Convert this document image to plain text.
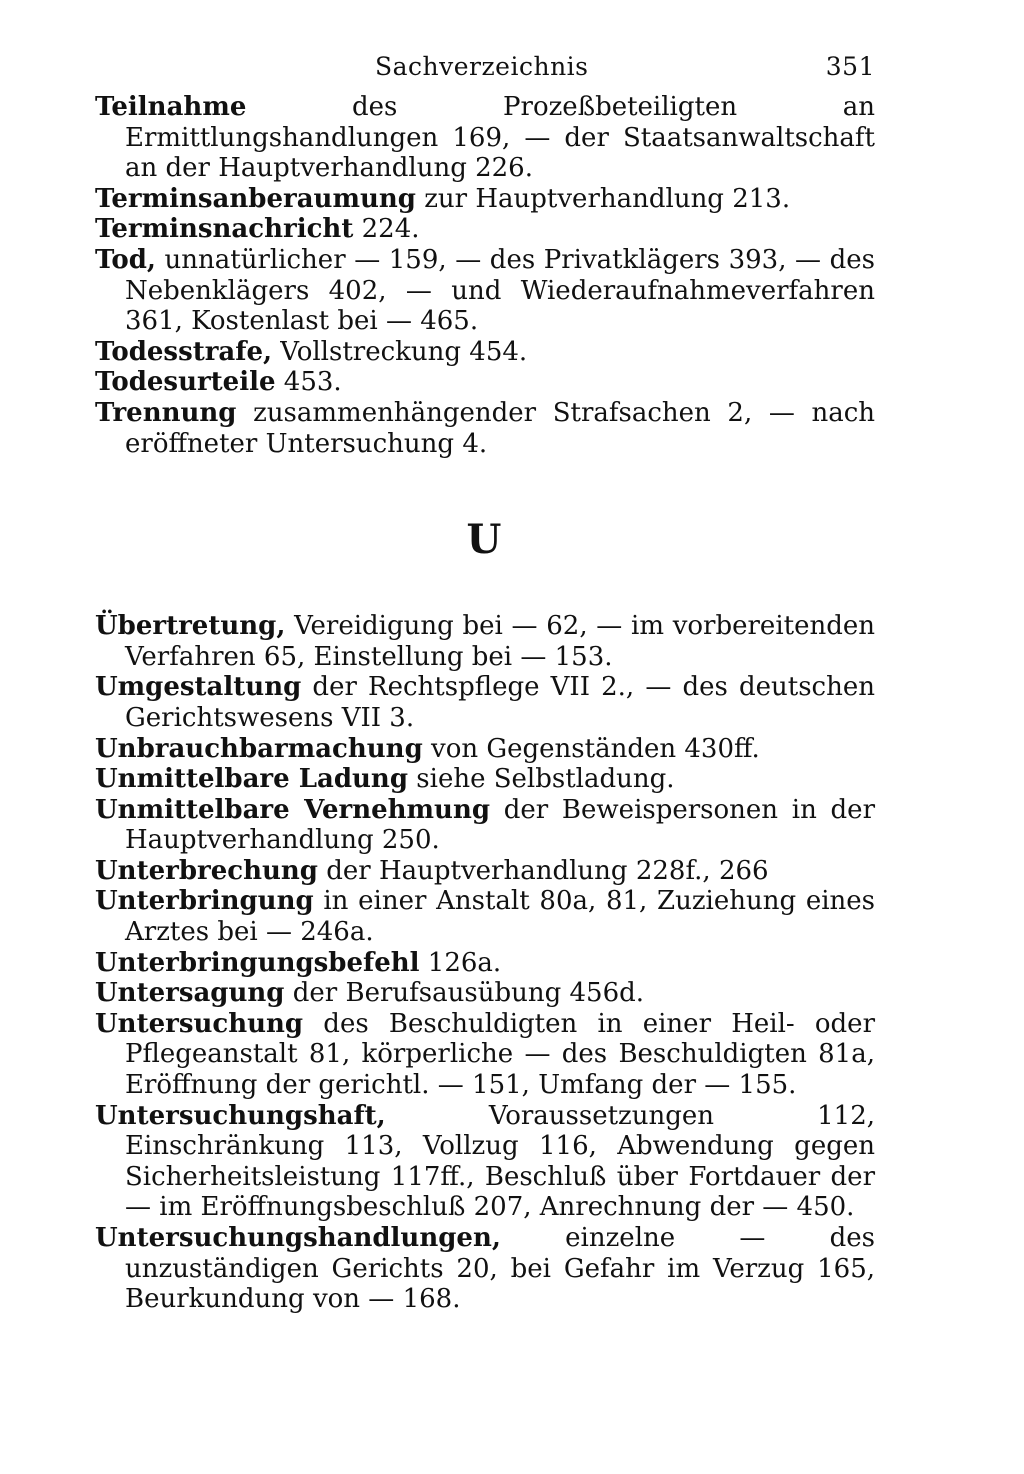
Sachverzeichnis	351
Teilnahme des Prozeßbeteiligten an Ermittlungshandlungen 169, — der Staatsanwaltschaft an der Hauptverhandlung 226.
Terminsanberaumung zur Hauptverhandlung 213.
Terminsnachricht 224.
Tod, unnatürlicher — 159, — des Privatklägers 393, — des Nebenklägers 402, — und Wiederaufnahmeverfahren 361, Kostenlast bei — 465.
Todesstrafe, Vollstreckung 454.
Todesurteile 453.
Trennung zusammenhängender Strafsachen 2, — nach eröffneter Untersuchung 4.
U
Übertretung, Vereidigung bei — 62, — im vorbereitenden Verfahren 65, Einstellung bei — 153.
Umgestaltung der Rechtspflege VII 2., — des deutschen Gerichtswesens VII 3.
Unbrauchbarmachung von Gegenständen 430ff.
Unmittelbare Ladung siehe Selbstladung.
Unmittelbare Vernehmung der Beweispersonen in der Hauptverhandlung 250.
Unterbrechung der Hauptverhandlung 228f., 266
Unterbringung in einer Anstalt 80a, 81, Zuziehung eines Arztes bei — 246a.
Unterbringungsbefehl 126a.
Untersagung der Berufsausübung 456d.
Untersuchung des Beschuldigten in einer Heil- oder Pflegeanstalt 81, körperliche — des Beschuldigten 81a, Eröffnung der gerichtl. — 151, Umfang der — 155.
Untersuchungshaft, Voraussetzungen 112, Einschränkung 113, Vollzug 116, Abwendung gegen Sicherheitsleistung 117ff., Beschluß über Fortdauer der — im Eröffnungsbeschluß 207, Anrechnung der — 450.
Untersuchungshandlungen, einzelne — des unzuständigen Gerichts 20, bei Gefahr im Verzug 165, Beurkundung von — 168.
